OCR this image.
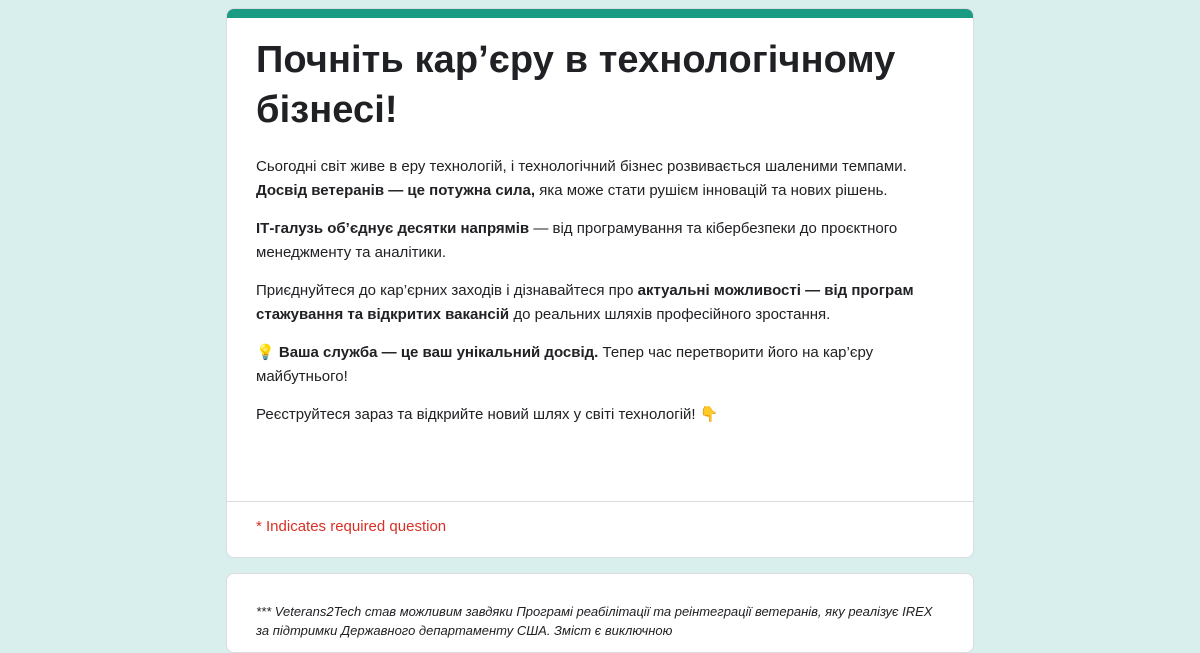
Почніть кар’єру в технологічному бізнесі!

Сьогодні світ живе в еру технологій, і технологічний бізнес розвивається шаленими темпами. Досвід ветеранів — це потужна сила, яка може стати рушієм інновацій та нових рішень.

ІТ-галузь об’єднує десятки напрямів — від програмування та кібербезпеки до проєктного менеджменту та аналітики.

Приєднуйтеся до кар’єрних заходів і дізнавайтеся про актуальні можливості — від програм стажування та відкритих вакансій до реальних шляхів професійного зростання.

💡 Ваша служба — це ваш унікальний досвід. Тепер час перетворити його на кар’єру майбутнього!

Реєструйтеся зараз та відкрийте новий шлях у світі технологій! 👇

* Indicates required question
*** Veterans2Tech став можливим завдяки Програмі реабілітації та реінтеграції ветеранів, яку реалізує IREX за підтримки Державного департаменту США. Зміст є виключною
